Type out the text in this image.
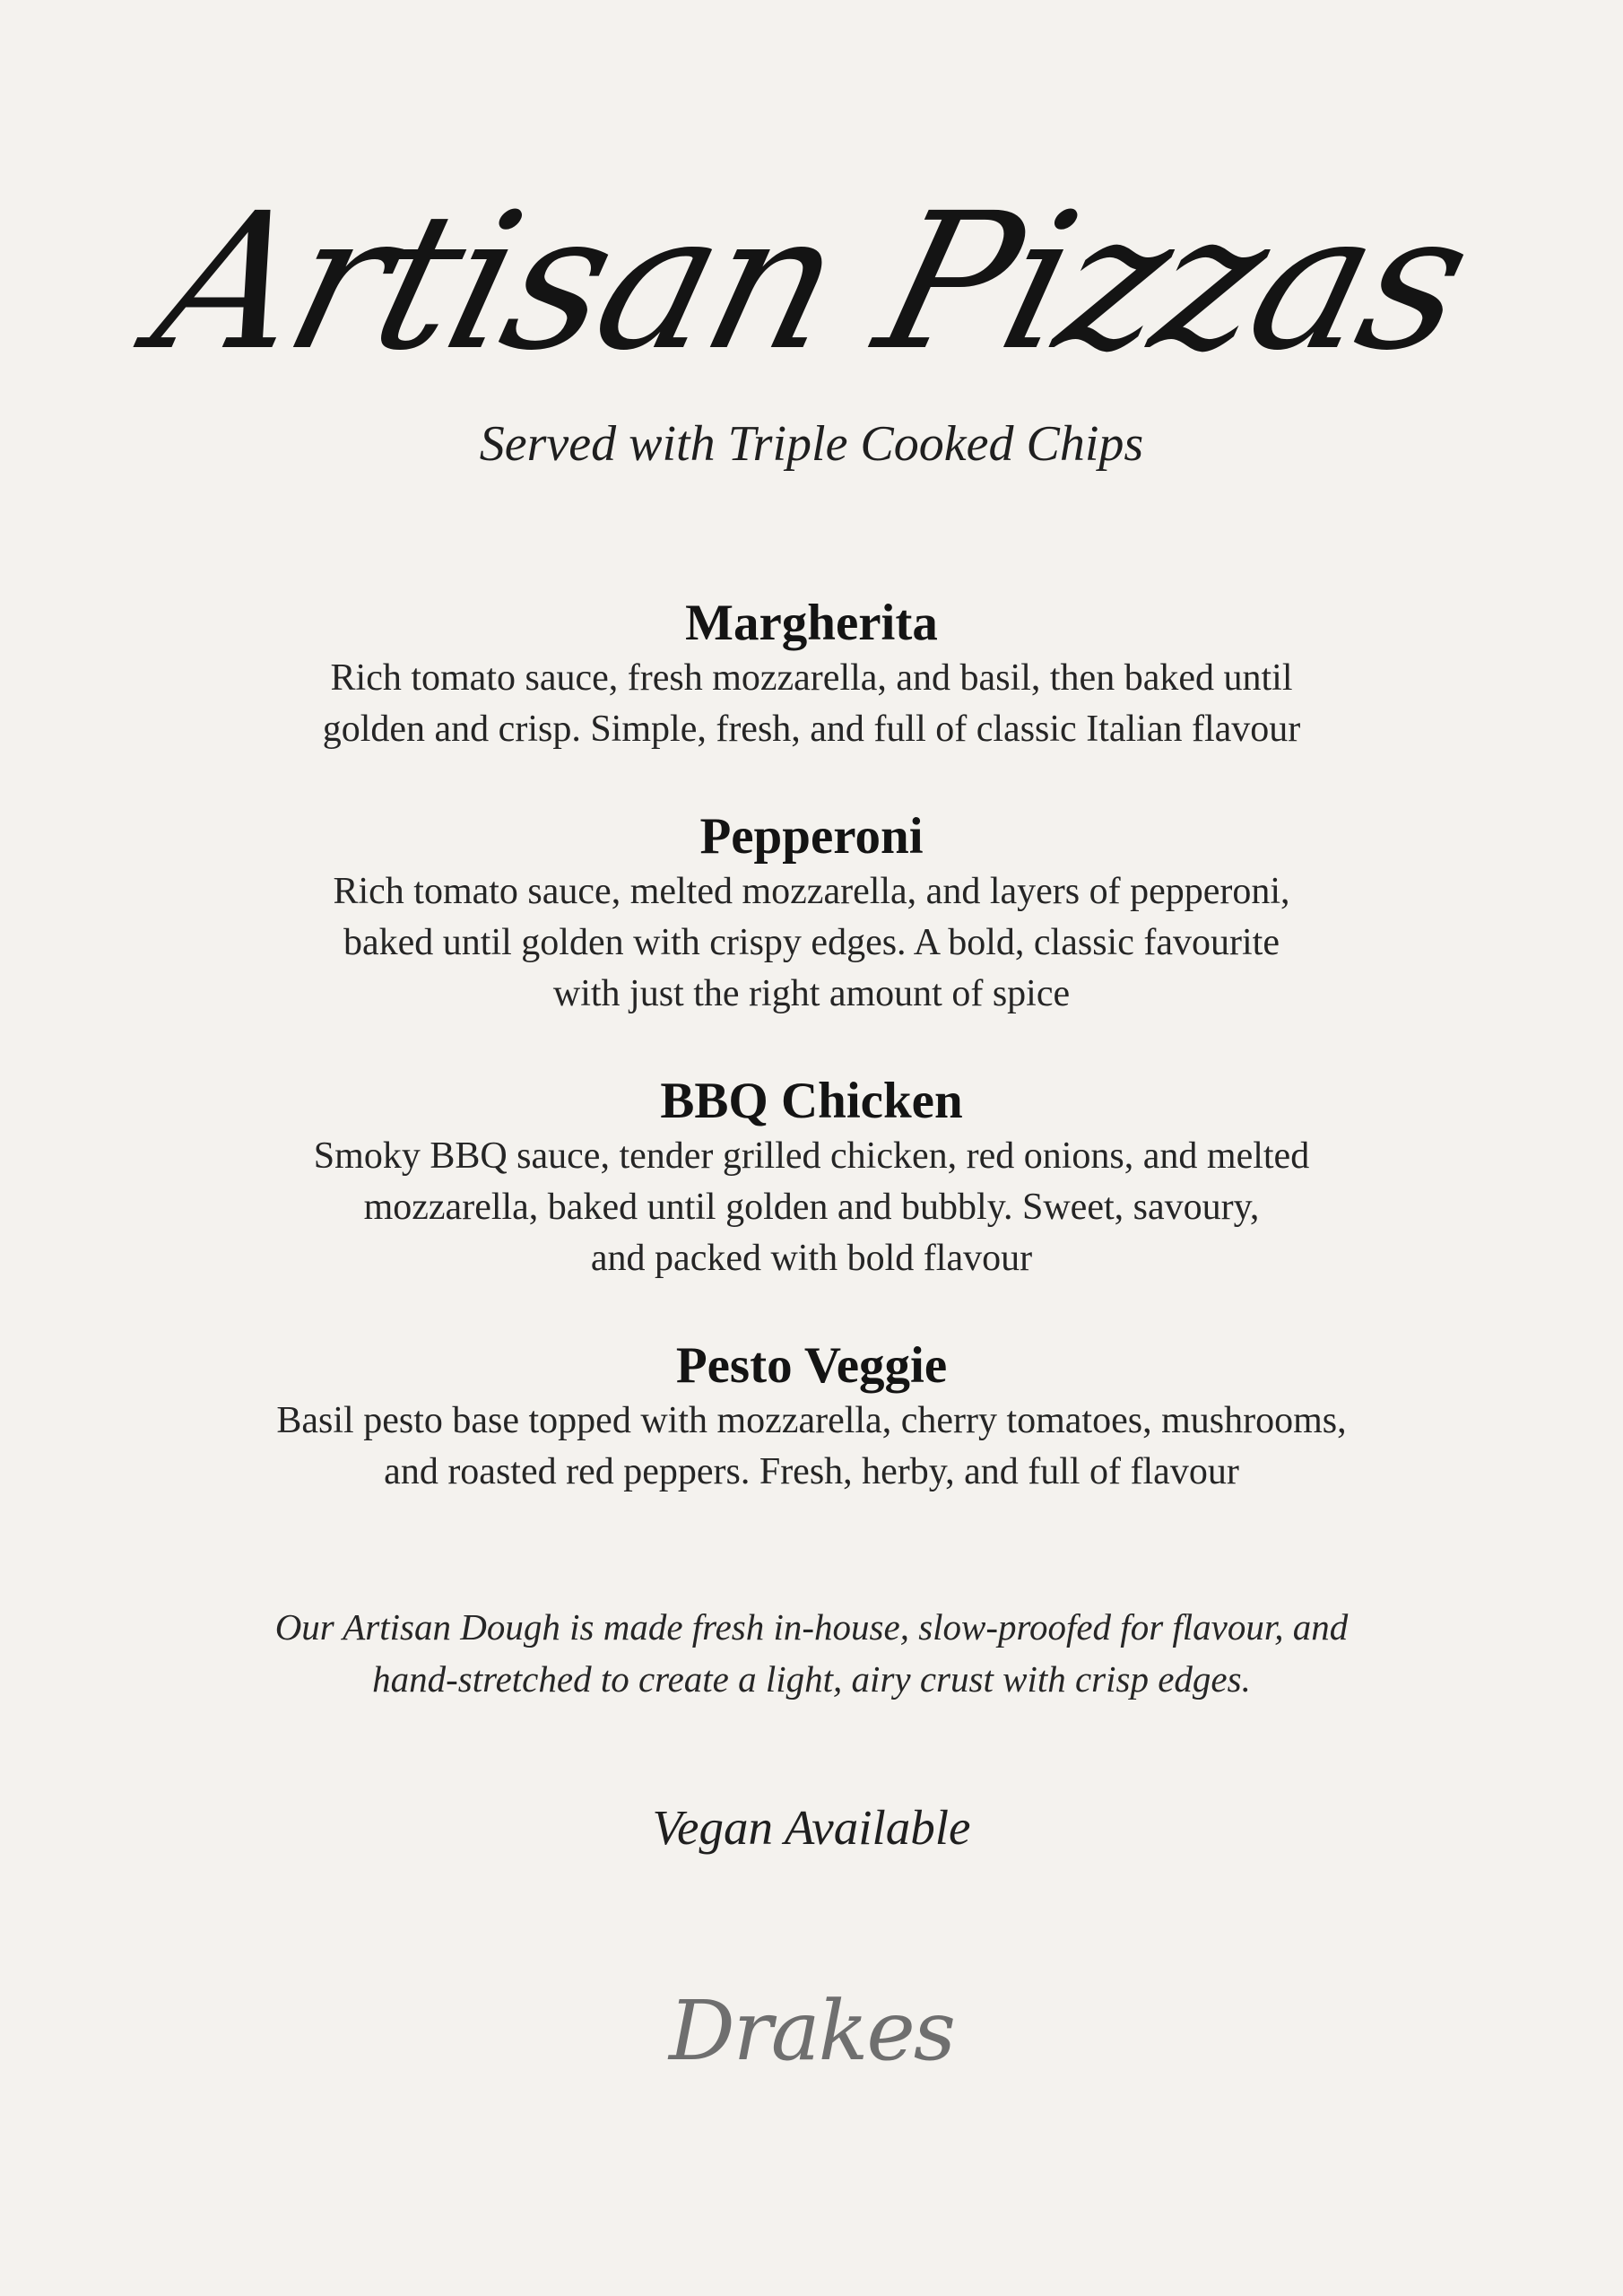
Artisan Pizzas
Served with Triple Cooked Chips

Margherita

Rich tomato sauce, fresh mozzarella, and basil, then baked until
golden and crisp. Simple, fresh, and full of classic Italian flavour

Pepperoni

Rich tomato sauce, melted mozzarella, and layers of pepperoni,
baked until golden with crispy edges. A bold, classic favourite
with just the right amount of spice

BBQ Chicken

Smoky BBQ sauce, tender grilled chicken, red onions, and melted
mozzarella, baked until golden and bubbly. Sweet, savoury,
and packed with bold flavour

Pesto Veggie

Basil pesto base topped with mozzarella, cherry tomatoes, mushrooms,
and roasted red peppers. Fresh, herby, and full of flavour

Our Artisan Dough is made fresh in-house, slow-proofed for flavour, and
hand-stretched to create a light, airy crust with crisp edges.
Vegan Available
Drakes
